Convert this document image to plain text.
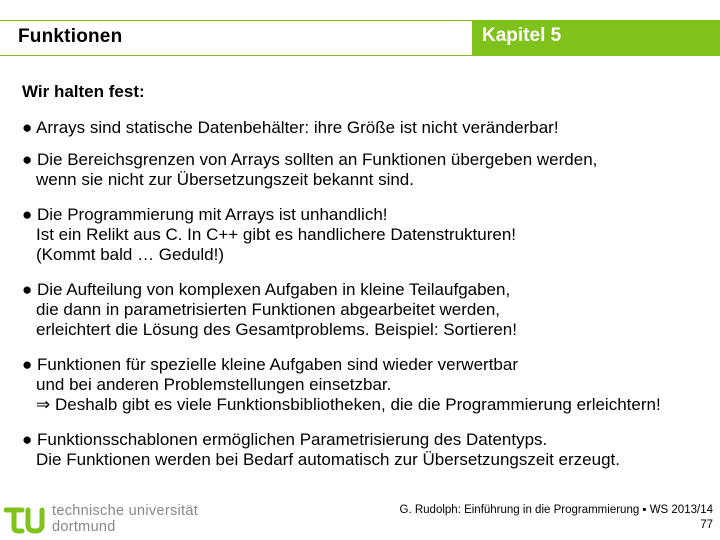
Funktionen	Kapitel 5
Wir halten fest:
● Arrays sind statische Datenbehälter: ihre Größe ist nicht veränderbar!
● Die Bereichsgrenzen von Arrays sollten an Funktionen übergeben werden,
wenn sie nicht zur Übersetzungszeit bekannt sind.
● Die Programmierung mit Arrays ist unhandlich!
Ist ein Relikt aus C. In C++ gibt es handlichere Datenstrukturen!
(Kommt bald … Geduld!)
● Die Aufteilung von komplexen Aufgaben in kleine Teilaufgaben,
die dann in parametrisierten Funktionen abgearbeitet werden,
erleichtert die Lösung des Gesamtproblems. Beispiel: Sortieren!
● Funktionen für spezielle kleine Aufgaben sind wieder verwertbar
und bei anderen Problemstellungen einsetzbar.
⇒ Deshalb gibt es viele Funktionsbibliotheken, die die Programmierung erleichtern!
● Funktionsschablonen ermöglichen Parametrisierung des Datentyps.
Die Funktionen werden bei Bedarf automatisch zur Übersetzungszeit erzeugt.
technische universität
dortmund
G. Rudolph: Einführung in die Programmierung ▪ WS 2013/14
77
